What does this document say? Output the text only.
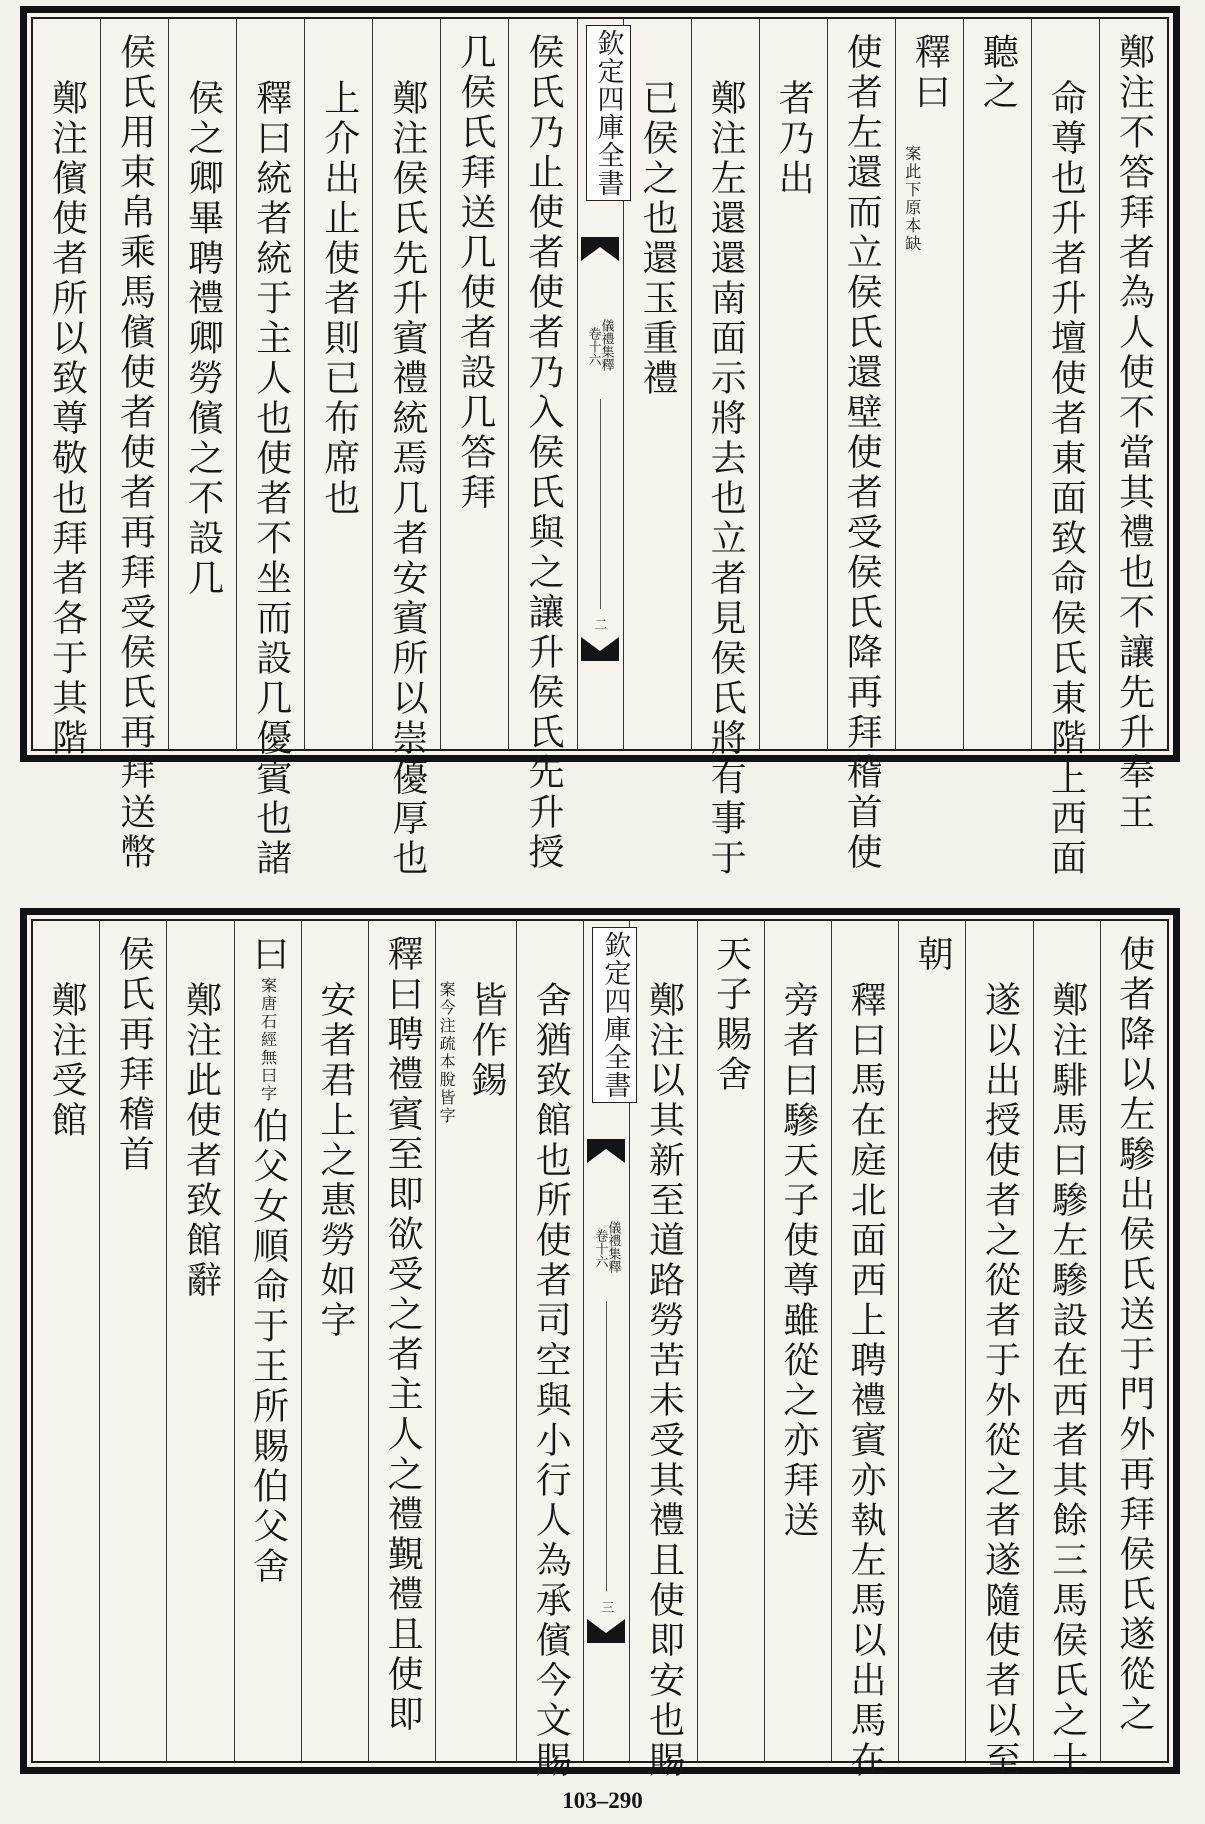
鄭注不答拜者為人使不當其禮也不讓先升奉王
命尊也升者升壇使者東面致命侯氏東階上西面
聽之
釋曰
案此下原本缺
使者左還而立侯氏還壁使者受侯氏降再拜稽首使
者乃出
鄭注左還還南面示將去也立者見侯氏將有事于
已侯之也還玉重禮
欽定四庫全書
儀禮集釋
卷十六
二
侯氏乃止使者使者乃入侯氏與之讓升侯氏先升授
几侯氏拜送几使者設几答拜
鄭注侯氏先升賓禮統焉几者安賓所以崇優厚也
上介出止使者則已布席也
釋曰統者統于主人也使者不坐而設几優賓也諸
侯之卿畢聘禮卿勞儐之不設几
侯氏用束帛乘馬儐使者使者再拜受侯氏再拜送幣
鄭注儐使者所以致尊敬也拜者各于其階
使者降以左驂出侯氏送于門外再拜侯氏遂從之
鄭注騑馬曰驂左驂設在西者其餘三馬侯氏之士
遂以出授使者之從者于外從之者遂隨使者以至
朝
釋曰馬在庭北面西上聘禮賓亦執左馬以出馬在
旁者曰驂天子使尊雖從之亦拜送
天子賜舍
鄭注以其新至道路勞苦未受其禮且使即安也賜
欽定四庫全書
儀禮集釋
卷十六
三
舍猶致館也所使者司空與小行人為承儐今文賜
皆作錫
案今注疏本脫皆字
釋曰聘禮賓至即欲受之者主人之禮覲禮且使即
安者君上之惠勞如字
曰
案唐石經無曰字
伯父女順命于王所賜伯父舍
鄭注此使者致館辭
侯氏再拜稽首
鄭注受館
103–290
